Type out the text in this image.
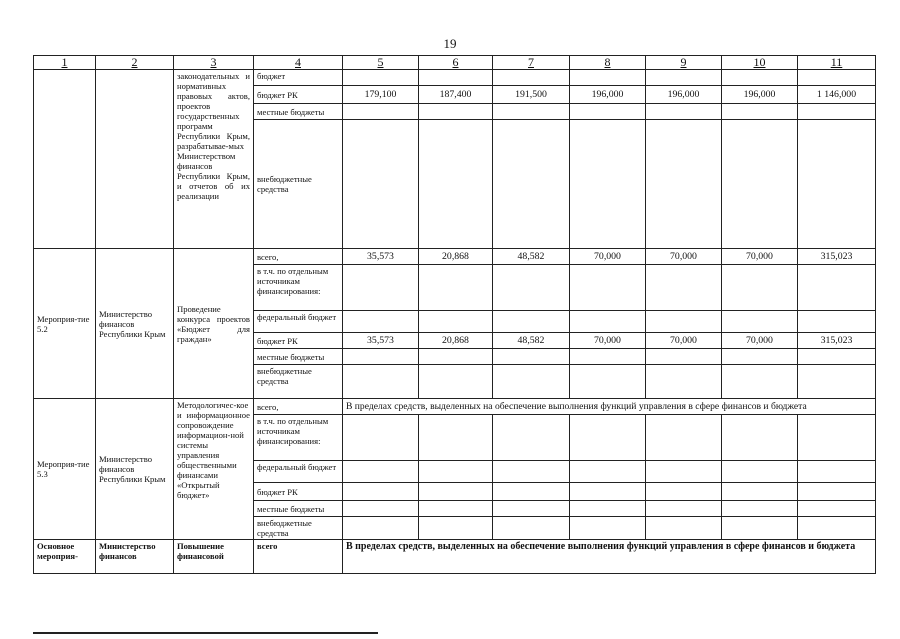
19
1	2	3	4	5	6	7	8	9	10	11
		законодательных и нормативных правовых актов, проектов государственных программ Республики Крым, разрабатывае-мых Министерством финансов Республики Крым, и отчетов об их реализации	бюджет							
			бюджет РК	179,100	187,400	191,500	196,000	196,000	196,000	1 146,000
			местные бюджеты							
			внебюджетные средства							
Мероприя-тие 5.2	Министерство финансов Республики Крым	Проведение конкурса проектов «Бюджет для граждан»	всего,	35,573	20,868	48,582	70,000	70,000	70,000	315,023
			в т.ч. по отдельным источникам финансирования:							
			федеральный бюджет							
			бюджет РК	35,573	20,868	48,582	70,000	70,000	70,000	315,023
			местные бюджеты							
			внебюджетные средства							
Мероприя-тие 5.3	Министерство финансов Республики Крым	Методологичес-кое и информационное сопровождение информацион-ной системы управления общественными финансами «Открытый бюджет»	всего,	В пределах средств, выделенных на обеспечение выполнения функций управления в сфере финансов и бюджета						
			в т.ч. по отдельным источникам финансирования:							
			федеральный бюджет							
			бюджет РК							
			местные бюджеты							
			внебюджетные средства							
Основное мероприя-	Министерство финансов	Повышение финансовой	всего	В пределах средств, выделенных на обеспечение выполнения функций управления в сфере финансов и бюджета						
